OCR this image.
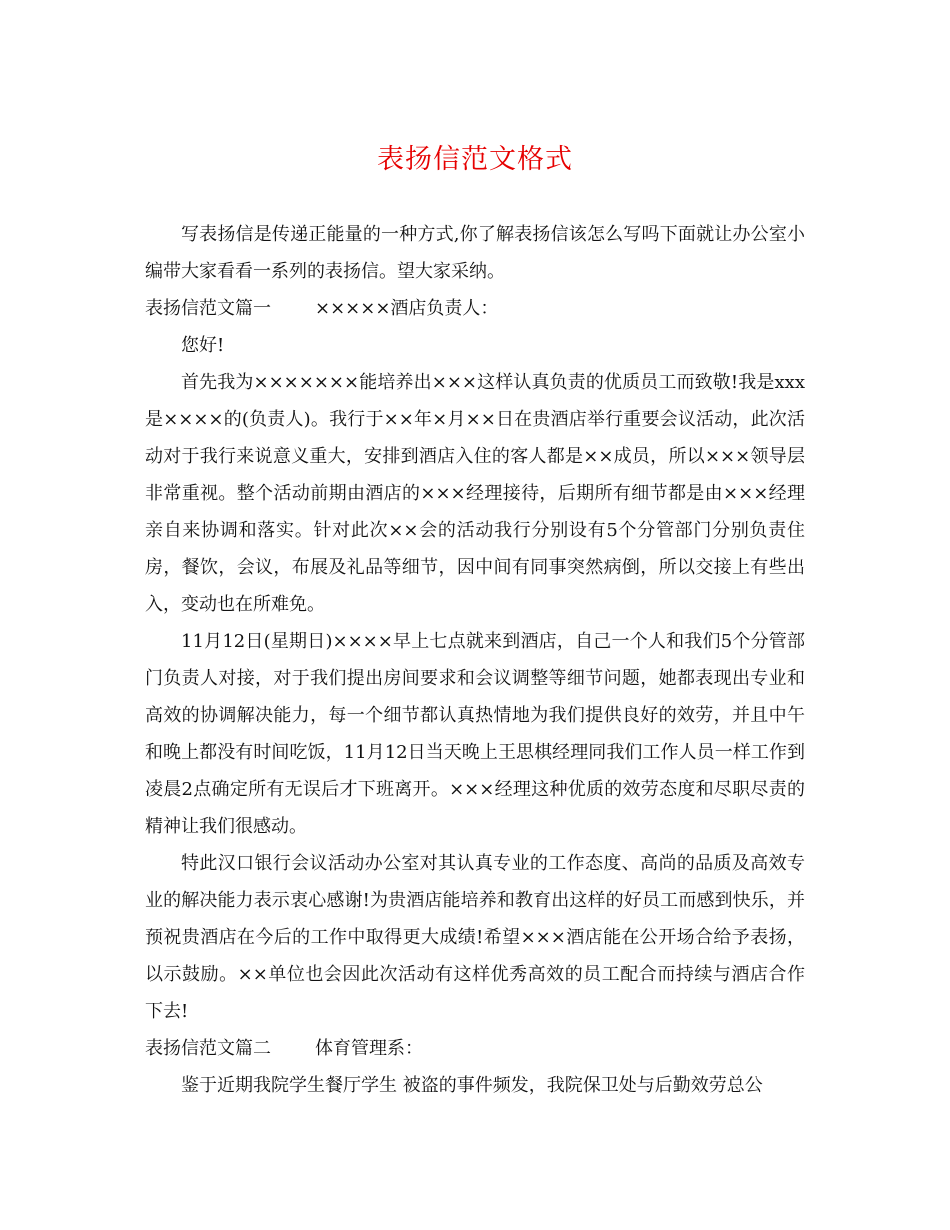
表扬信范文格式

写表扬信是传递正能量的一种方式,你了解表扬信该怎么写吗下面就让办公室小编带大家看看一系列的表扬信。望大家采纳。

表扬信范文篇一 ×××××酒店负责人：

您好!

首先我为×××××××能培养出×××这样认真负责的优质员工而致敬!我是xxx是××××的(负责人)。我行于××年×月××日在贵酒店举行重要会议活动，此次活动对于我行来说意义重大，安排到酒店入住的客人都是××成员，所以×××领导层非常重视。整个活动前期由酒店的×××经理接待，后期所有细节都是由×××经理亲自来协调和落实。针对此次××会的活动我行分别设有5个分管部门分别负责住房，餐饮，会议，布展及礼品等细节，因中间有同事突然病倒，所以交接上有些出入，变动也在所难免。

11月12日(星期日)××××早上七点就来到酒店，自己一个人和我们5个分管部门负责人对接，对于我们提出房间要求和会议调整等细节问题，她都表现出专业和高效的协调解决能力，每一个细节都认真热情地为我们提供良好的效劳，并且中午和晚上都没有时间吃饭，11月12日当天晚上王思棋经理同我们工作人员一样工作到凌晨2点确定所有无误后才下班离开。×××经理这种优质的效劳态度和尽职尽责的精神让我们很感动。

特此汉口银行会议活动办公室对其认真专业的工作态度、高尚的品质及高效专业的解决能力表示衷心感谢!为贵酒店能培养和教育出这样的好员工而感到快乐，并预祝贵酒店在今后的工作中取得更大成绩!希望×××酒店能在公开场合给予表扬，以示鼓励。××单位也会因此次活动有这样优秀高效的员工配合而持续与酒店合作下去!

表扬信范文篇二 体育管理系：

鉴于近期我院学生餐厅学生 被盗的事件频发，我院保卫处与后勤效劳总公
